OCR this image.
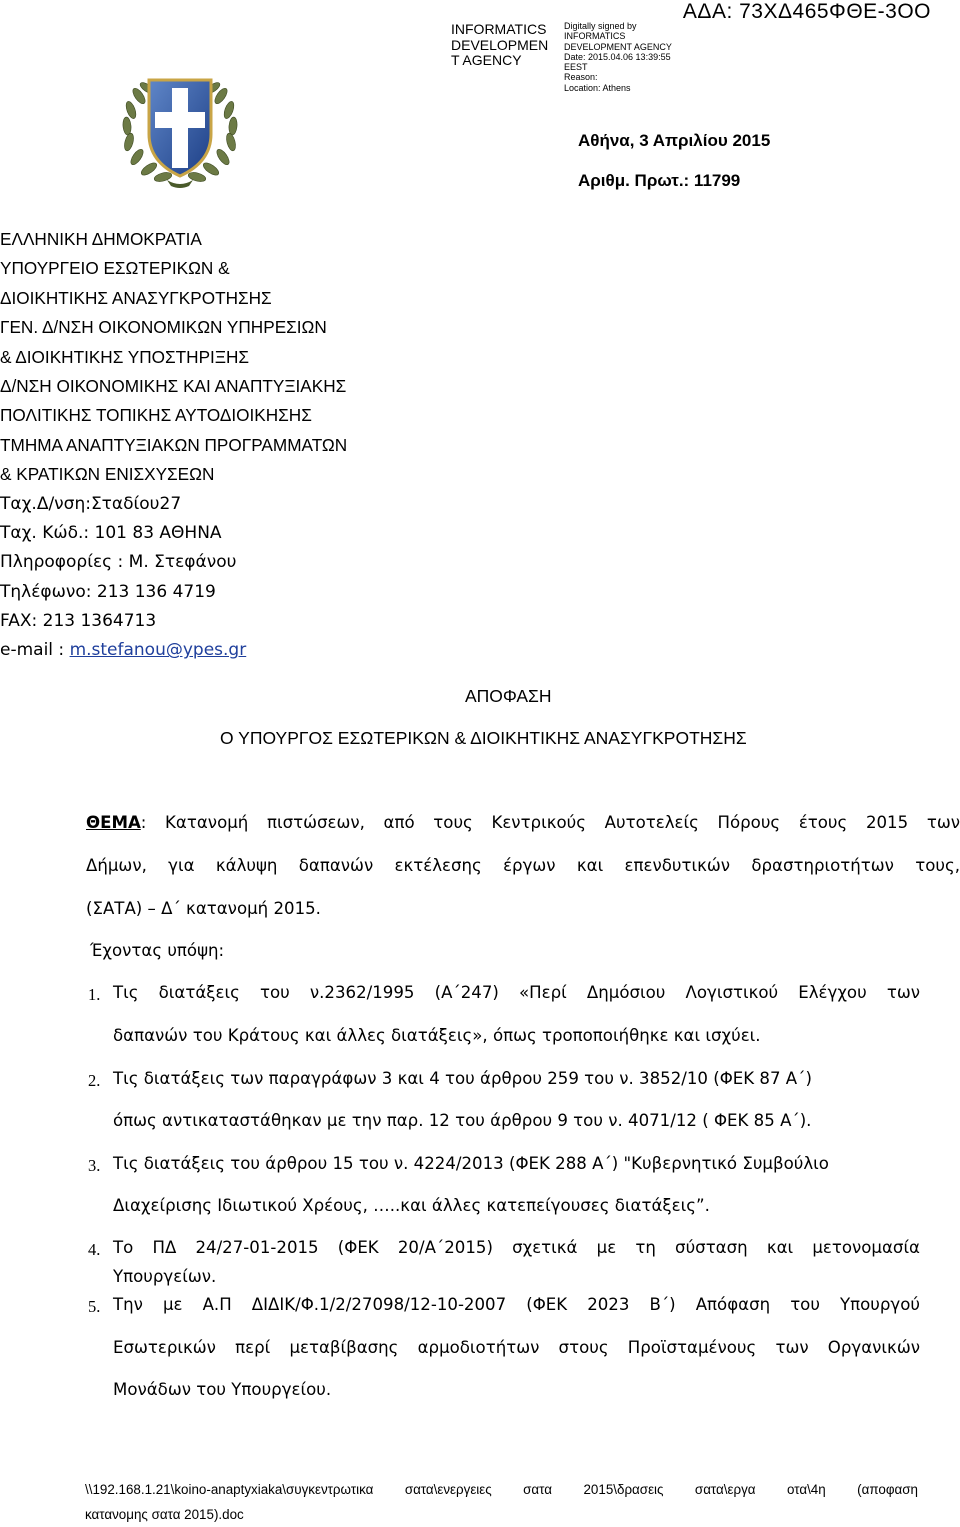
INFORMATICS
DEVELOPMEN
T AGENCY
Digitally signed by
INFORMATICS
DEVELOPMENT AGENCY
Date: 2015.04.06 13:39:55
EEST
Reason:
Location: Athens
ΑΔΑ: 73ΧΔ465ΦΘΕ-3ΟΟ
Αθήνα, 3 Απριλίου 2015
Αριθμ. Πρωτ.: 11799
ΕΛΛΗΝΙΚΗ ΔΗΜΟΚΡΑΤΙΑ
ΥΠΟΥΡΓΕΙΟ ΕΣΩΤΕΡΙΚΩΝ &
ΔΙΟΙΚΗΤΙΚΗΣ ΑΝΑΣΥΓΚΡΟΤΗΣΗΣ
ΓΕΝ. Δ/ΝΣΗ ΟΙΚΟΝΟΜΙΚΩΝ ΥΠΗΡΕΣΙΩΝ
& ΔΙΟΙΚΗΤΙΚΗΣ ΥΠΟΣΤΗΡΙΞΗΣ
Δ/ΝΣΗ ΟΙΚΟΝΟΜΙΚΗΣ ΚΑΙ ΑΝΑΠΤΥΞΙΑΚΗΣ
ΠΟΛΙΤΙΚΗΣ ΤΟΠΙΚΗΣ ΑΥΤΟΔΙΟΙΚΗΣΗΣ
ΤΜΗΜΑ ΑΝΑΠΤΥΞΙΑΚΩΝ ΠΡΟΓΡΑΜΜΑΤΩΝ
& ΚΡΑΤΙΚΩΝ ΕΝΙΣΧΥΣΕΩΝ
Ταχ.Δ/νση:Σταδίου27
Ταχ. Κώδ.: 101 83 ΑΘΗΝΑ
Πληροφορίες : Μ. Στεφάνου
Τηλέφωνο: 213 136 4719
FAX: 213 1364713
e-mail : m.stefanou@ypes.gr
ΑΠΟΦΑΣΗ
Ο ΥΠΟΥΡΓΟΣ ΕΣΩΤΕΡΙΚΩΝ & ΔΙΟΙΚΗΤΙΚΗΣ ΑΝΑΣΥΓΚΡΟΤΗΣΗΣ
ΘΕΜΑ: Κατανομή πιστώσεων, από τους Κεντρικούς Αυτοτελείς Πόρους έτους 2015 των
Δήμων, για κάλυψη δαπανών εκτέλεσης έργων και επενδυτικών δραστηριοτήτων τους,
(ΣΑΤΑ) – Δ΄ κατανομή 2015.
Έχοντας υπόψη:
1. Τις διατάξεις του ν.2362/1995 (Α΄247) «Περί Δημόσιου Λογιστικού Ελέγχου των
δαπανών του Κράτους και άλλες διατάξεις», όπως τροποποιήθηκε και ισχύει.
2. Τις διατάξεις των παραγράφων 3 και 4 του άρθρου 259 του ν. 3852/10 (ΦΕΚ 87 Α΄)
όπως αντικαταστάθηκαν με την παρ. 12 του άρθρου 9 του ν. 4071/12 ( ΦΕΚ 85 Α΄).
3. Τις διατάξεις του άρθρου 15 του ν. 4224/2013 (ΦΕΚ 288 Α΄) "Κυβερνητικό Συμβούλιο
Διαχείρισης Ιδιωτικού Χρέους, …..και άλλες κατεπείγουσες διατάξεις”.
4. Το ΠΔ 24/27-01-2015 (ΦΕΚ 20/Α΄2015) σχετικά με τη σύσταση και μετονομασία
Υπουργείων.
5. Την με Α.Π ΔΙΔΙΚ/Φ.1/2/27098/12-10-2007 (ΦΕΚ 2023 Β΄) Απόφαση του Υπουργού
Εσωτερικών περί μεταβίβασης αρμοδιοτήτων στους Προϊσταμένους των Οργανικών
Μονάδων του Υπουργείου.
\\192.168.1.21\koino-anaptyxiaka\συγκεντρωτικα σατα\ενεργειες σατα 2015\δρασεις σατα\εργα οτα\4η (αποφαση
κατανομης σατα 2015).doc
